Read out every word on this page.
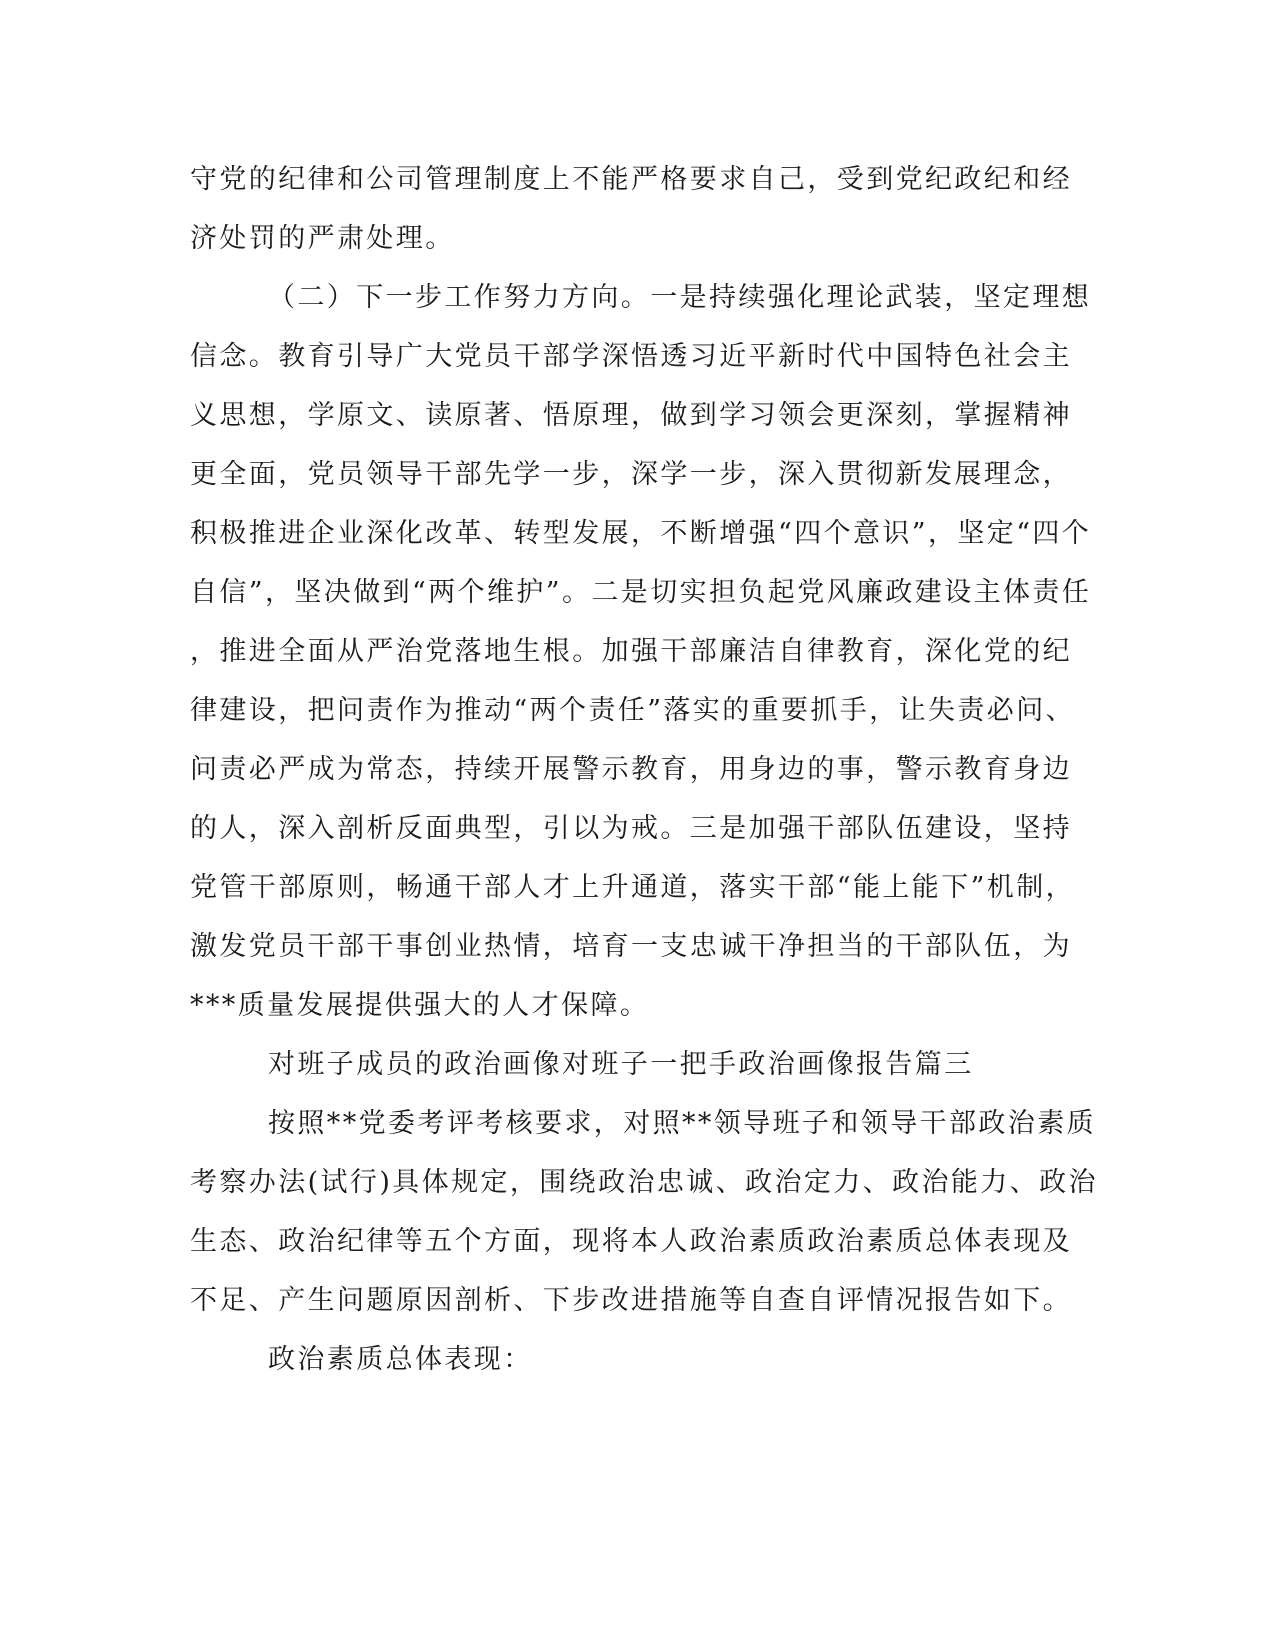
守党的纪律和公司管理制度上不能严格要求自己，受到党纪政纪和经
济处罚的严肃处理。
（二）下一步工作努力方向。一是持续强化理论武装，坚定理想
信念。教育引导广大党员干部学深悟透习近平新时代中国特色社会主
义思想，学原文、读原著、悟原理，做到学习领会更深刻，掌握精神
更全面，党员领导干部先学一步，深学一步，深入贯彻新发展理念，
积极推进企业深化改革、转型发展，不断增强“四个意识”，坚定“四个
自信”，坚决做到“两个维护”。二是切实担负起党风廉政建设主体责任
，推进全面从严治党落地生根。加强干部廉洁自律教育，深化党的纪
律建设，把问责作为推动“两个责任”落实的重要抓手，让失责必问、
问责必严成为常态，持续开展警示教育，用身边的事，警示教育身边
的人，深入剖析反面典型，引以为戒。三是加强干部队伍建设，坚持
党管干部原则，畅通干部人才上升通道，落实干部“能上能下”机制，
激发党员干部干事创业热情，培育一支忠诚干净担当的干部队伍，为
***质量发展提供强大的人才保障。
对班子成员的政治画像对班子一把手政治画像报告篇三
按照**党委考评考核要求，对照**领导班子和领导干部政治素质
考察办法(试行)具体规定，围绕政治忠诚、政治定力、政治能力、政治
生态、政治纪律等五个方面，现将本人政治素质政治素质总体表现及
不足、产生问题原因剖析、下步改进措施等自查自评情况报告如下。
政治素质总体表现：
